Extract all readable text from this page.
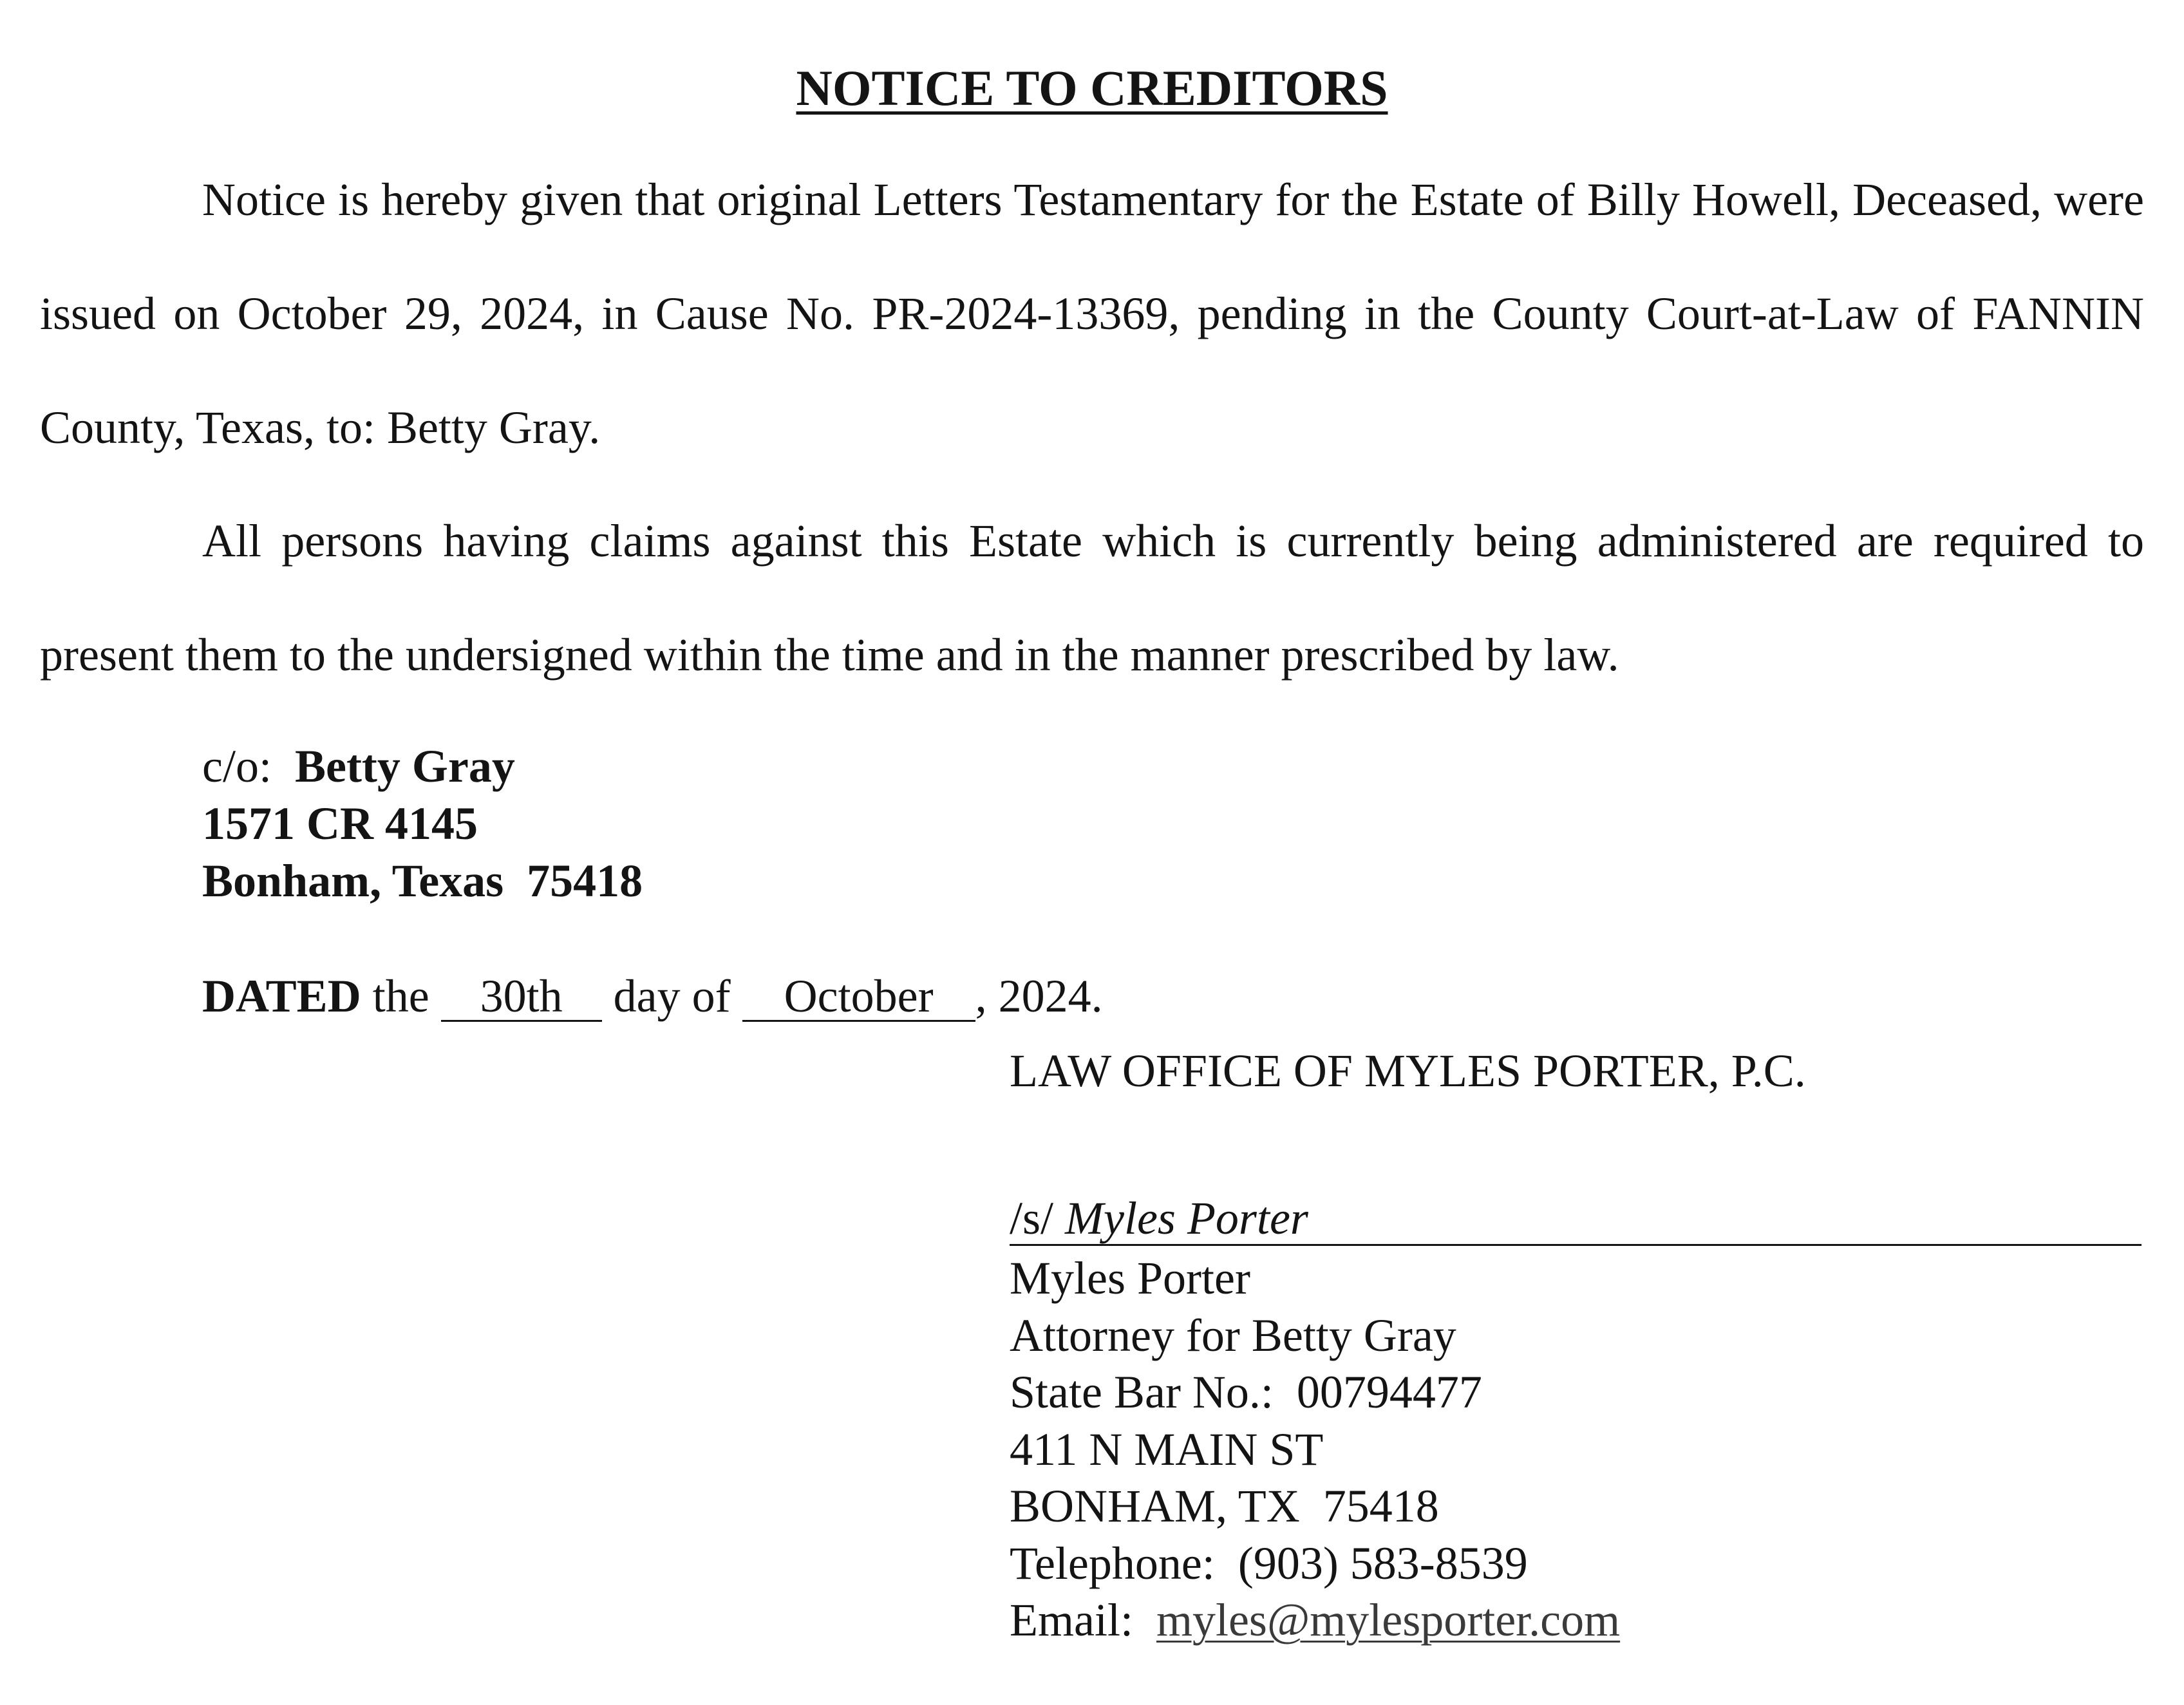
NOTICE TO CREDITORS

Notice is hereby given that original Letters Testamentary for the Estate of Billy Howell, Deceased, were issued on October 29, 2024, in Cause No. PR-2024-13369, pending in the County Court-at-Law of FANNIN County, Texas, to: Betty Gray.

All persons having claims against this Estate which is currently being administered are required to present them to the undersigned within the time and in the manner prescribed by law.

c/o: Betty Gray
1571 CR 4145
Bonham, Texas  75418
DATED the 30th day of October , 2024.
LAW OFFICE OF MYLES PORTER, P.C.
/s/ Myles Porter
Myles Porter
Attorney for Betty Gray
State Bar No.: 00794477
411 N MAIN ST
BONHAM, TX  75418
Telephone: (903) 583-8539
Email: myles@mylesporter.com
